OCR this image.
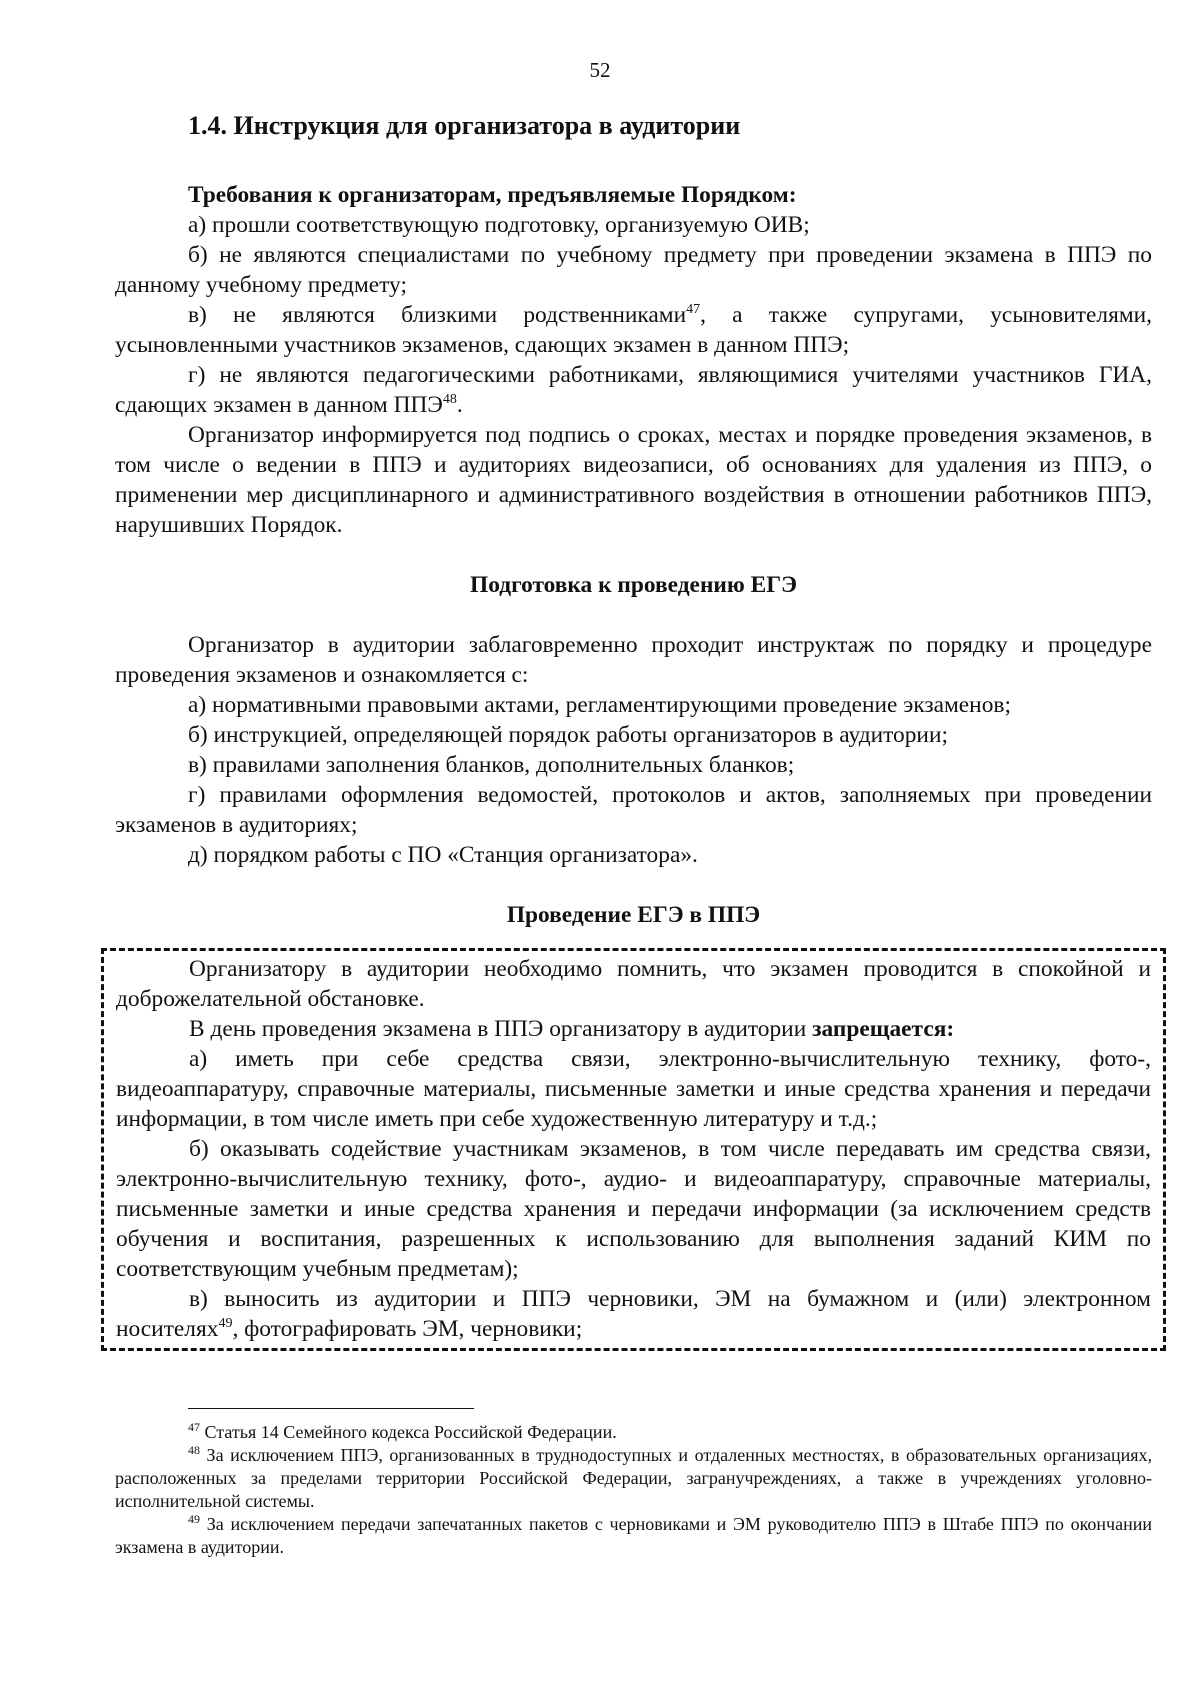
52
1.4. Инструкция для организатора в аудитории
Требования к организаторам, предъявляемые Порядком:

а) прошли соответствующую подготовку, организуемую ОИВ;

б) не являются специалистами по учебному предмету при проведении экзамена в ППЭ по данному учебному предмету;

в) не являются близкими родственниками$^{47}$, а также супругами, усыновителями, усыновленными участников экзаменов, сдающих экзамен в данном ППЭ;

г) не являются педагогическими работниками, являющимися учителями участников ГИА, сдающих экзамен в данном ППЭ$^{48}$.

Организатор информируется под подпись о сроках, местах и порядке проведения экзаменов, в том числе о ведении в ППЭ и аудиториях видеозаписи, об основаниях для удаления из ППЭ, о применении мер дисциплинарного и административного воздействия в отношении работников ППЭ, нарушивших Порядок.

Подготовка к проведению ЕГЭ

Организатор в аудитории заблаговременно проходит инструктаж по порядку и процедуре проведения экзаменов и ознакомляется с:

а) нормативными правовыми актами, регламентирующими проведение экзаменов;

б) инструкцией, определяющей порядок работы организаторов в аудитории;

в) правилами заполнения бланков, дополнительных бланков;

г) правилами оформления ведомостей, протоколов и актов, заполняемых при проведении экзаменов в аудиториях;

д) порядком работы с ПО «Станция организатора».

Проведение ЕГЭ в ППЭ

Организатору в аудитории необходимо помнить, что экзамен проводится в спокойной и доброжелательной обстановке.

В день проведения экзамена в ППЭ организатору в аудитории запрещается:

а) иметь при себе средства связи, электронно-вычислительную технику, фото-, видеоаппаратуру, справочные материалы, письменные заметки и иные средства хранения и передачи информации, в том числе иметь при себе художественную литературу и т.д.;

б) оказывать содействие участникам экзаменов, в том числе передавать им средства связи, электронно-вычислительную технику, фото-, аудио- и видеоаппаратуру, справочные материалы, письменные заметки и иные средства хранения и передачи информации (за исключением средств обучения и воспитания, разрешенных к использованию для выполнения заданий КИМ по соответствующим учебным предметам);

в) выносить из аудитории и ППЭ черновики, ЭМ на бумажном и (или) электронном носителях$^{49}$, фотографировать ЭМ, черновики;

$^{47}$ Статья 14 Семейного кодекса Российской Федерации.

$^{48}$ За исключением ППЭ, организованных в труднодоступных и отдаленных местностях, в образовательных организациях, расположенных за пределами территории Российской Федерации, загранучреждениях, а также в учреждениях уголовно-исполнительной системы.

$^{49}$ За исключением передачи запечатанных пакетов с черновиками и ЭМ руководителю ППЭ в Штабе ППЭ по окончании экзамена в аудитории.
